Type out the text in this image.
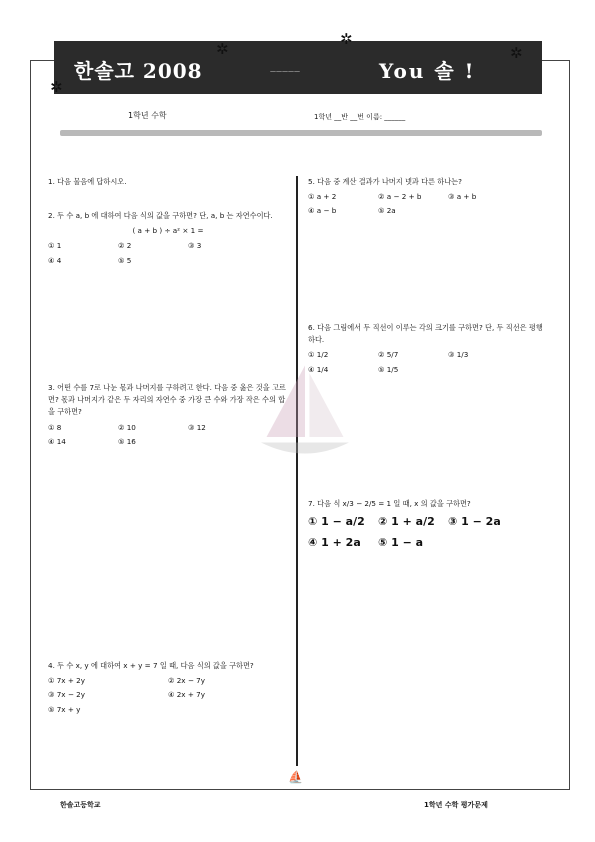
한솔고 2008	—————	You 솔 !
✲
✲
✲
✲
1학년 수학	1학년 __반 __번 이름: ______
1. 다음 물음에 답하시오.
2. 두 수 a, b 에 대하여 다음 식의 값을 구하면? 단, a, b 는 자연수이다.
( a + b ) ÷ a² × 1 =
① 1	② 2	③ 3
④ 4	⑤ 5
3. 어떤 수를 7로 나눈 몫과 나머지를 구하려고 한다. 다음 중 옳은 것을 고르면? 몫과 나머지가 같은 두 자리의 자연수 중 가장 큰 수와 가장 작은 수의 합을 구하면?
① 8	② 10	③ 12
④ 14	⑤ 16
4. 두 수 x, y 에 대하여 x + y = 7 일 때, 다음 식의 값을 구하면?
① 7x + 2y	② 2x − 7y
③ 7x − 2y	④ 2x + 7y
⑤ 7x + y
5. 다음 중 계산 결과가 나머지 넷과 다른 하나는?
① a + 2	② a − 2 + b	③ a + b
④ a − b	⑤ 2a
6. 다음 그림에서 두 직선이 이루는 각의 크기를 구하면? 단, 두 직선은 평행하다.
① 1/2	② 5/7	③ 1/3
④ 1/4	⑤ 1/5
7. 다음 식 x/3 − 2/5 = 1 일 때, x 의 값을 구하면?
① 1 − a/2	② 1 + a/2	③ 1 − 2a
④ 1 + 2a	⑤ 1 − a
⛵
한솔고등학교	1학년 수학 평가문제
